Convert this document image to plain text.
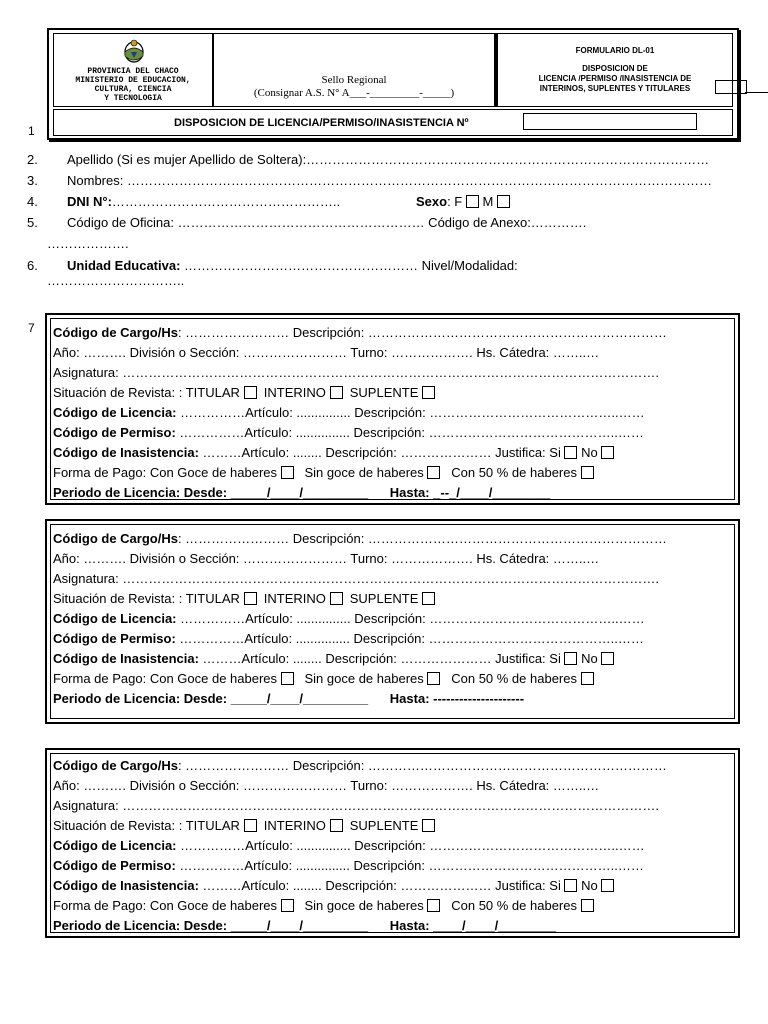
PROVINCIA DEL CHACO
MINISTERIO DE EDUCACION,
CULTURA, CIENCIA
Y TECNOLOGIA
Sello Regional
(Consignar A.S. N° A___-_________-_____)
FORMULARIO DL-01
DISPOSICION DE
LICENCIA /PERMISO /INASISTENCIA DE
INTERINOS, SUPLENTES Y TITULARES
DISPOSICION DE LICENCIA/PERMISO/INASISTENCIA Nº
1
2. Apellido (Si es mujer Apellido de Soltera):…………………………………………………………………………………
3. Nombres: ………………………………………………………………………………………………………………………
4. DNI N°:……………………………………………..	Sexo: F M
5. Código de Oficina: ………………………………………………… Código de Anexo:………….
……………….
6. Unidad Educativa: ……………………………………………… Nivel/Modalidad:
…………………………..
7 Código de Cargo/Hs: …………………… Descripción: ……………………………………………………………
Año: ………. División o Sección: …………………… Turno: ………………. Hs. Cátedra: ……..…
Asignatura: …………………………………………………………………………………………………………….
Situación de Revista: : TITULAR INTERINO SUPLENTE
Código de Licencia: ……………Artículo: ............... Descripción: ……………………………………..……
Código de Permiso: ……………Artículo: ............... Descripción: ……………………………………..……
Código de Inasistencia: ………Artículo: ........ Descripción: ………………… Justifica: Si No
Forma de Pago: Con Goce de haberes Sin goce de haberes Con 50 % de haberes
Periodo de Licencia: Desde: _____/____/_________ Hasta: _--_/____/________
Código de Cargo/Hs: …………………… Descripción: ……………………………………………………………
Año: ………. División o Sección: …………………… Turno: ………………. Hs. Cátedra: ……..…
Asignatura: …………………………………………………………………………………………………………….
Situación de Revista: : TITULAR INTERINO SUPLENTE
Código de Licencia: ……………Artículo: ............... Descripción: ……………………………………..……
Código de Permiso: ……………Artículo: ............... Descripción: ……………………………………..……
Código de Inasistencia: ………Artículo: ........ Descripción: ………………… Justifica: Si No
Forma de Pago: Con Goce de haberes Sin goce de haberes Con 50 % de haberes
Periodo de Licencia: Desde: _____/____/_________ Hasta: ---------------------
Código de Cargo/Hs: …………………… Descripción: ……………………………………………………………
Año: ………. División o Sección: …………………… Turno: ………………. Hs. Cátedra: ……..…
Asignatura: …………………………………………………………………………………………………………….
Situación de Revista: : TITULAR INTERINO SUPLENTE
Código de Licencia: ……………Artículo: ............... Descripción: ……………………………………..……
Código de Permiso: ……………Artículo: ............... Descripción: ……………………………………..……
Código de Inasistencia: ………Artículo: ........ Descripción: ………………… Justifica: Si No
Forma de Pago: Con Goce de haberes Sin goce de haberes Con 50 % de haberes
Periodo de Licencia: Desde: _____/____/_________ Hasta: ____/____/________
